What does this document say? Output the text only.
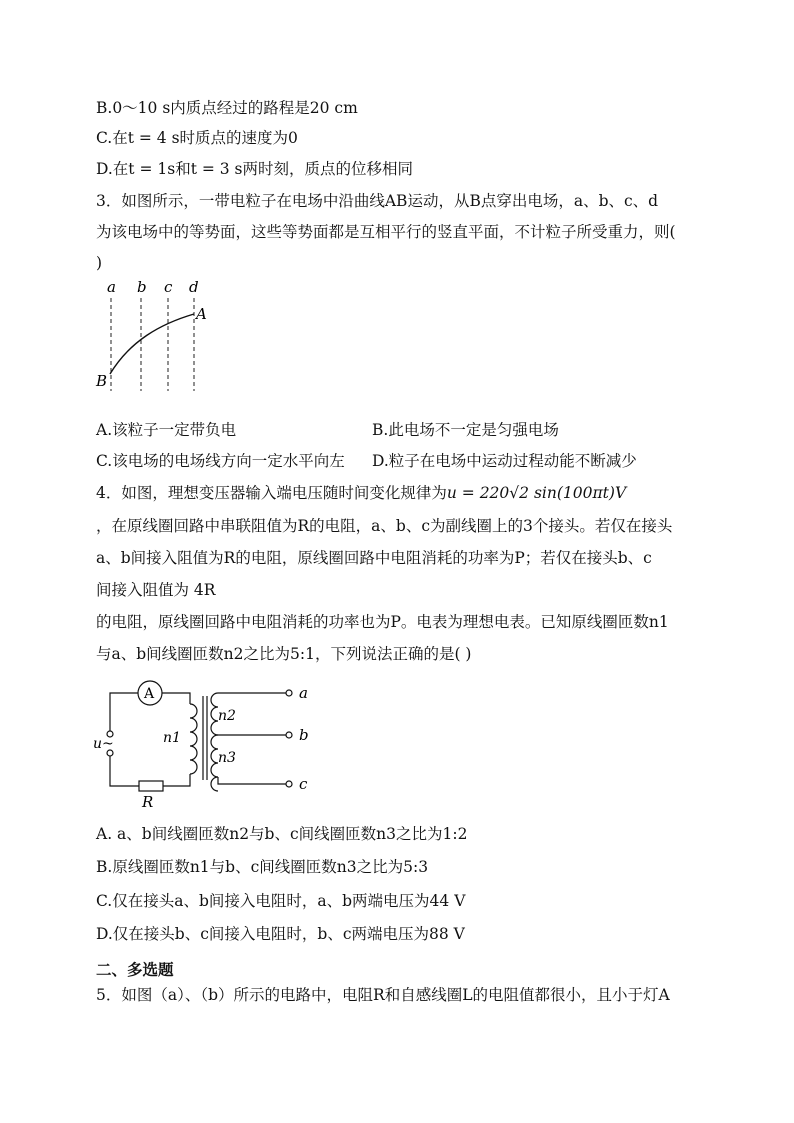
B.0～10 s内质点经过的路程是20 cm
C.在t = 4 s时质点的速度为0
D.在t = 1s和t = 3 s两时刻，质点的位移相同
3．如图所示，一带电粒子在电场中沿曲线AB运动，从B点穿出电场，a、b、c、d
为该电场中的等势面，这些等势面都是互相平行的竖直平面，不计粒子所受重力，则(
)
a b c d
A
B
A.该粒子一定带负电	B.此电场不一定是匀强电场
C.该电场的电场线方向一定水平向左 D.粒子在电场中运动过程动能不断减少
4．如图，理想变压器输入端电压随时间变化规律为u = 220√2 sin(100πt)V
，在原线圈回路中串联阻值为R的电阻，a、b、c为副线圈上的3个接头。若仅在接头
a、b间接入阻值为R的电阻，原线圈回路中电阻消耗的功率为P；若仅在接头b、c
间接入阻值为 4R
的电阻，原线圈回路中电阻消耗的功率也为P。电表为理想电表。已知原线圈匝数n1
与a、b间线圈匝数n2之比为5:1，下列说法正确的是( )
A
u~
R
n1
n2
n3
a
b
c
A. a、b间线圈匝数n2与b、c间线圈匝数n3之比为1:2
B.原线圈匝数n1与b、c间线圈匝数n3之比为5:3
C.仅在接头a、b间接入电阻时，a、b两端电压为44 V
D.仅在接头b、c间接入电阻时，b、c两端电压为88 V
二、多选题
5．如图（a）、（b）所示的电路中，电阻R和自感线圈L的电阻值都很小，且小于灯A
